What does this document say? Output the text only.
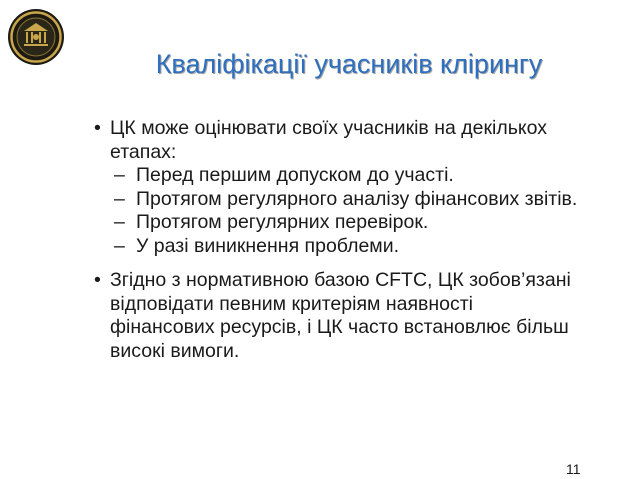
Кваліфікації учасників клірингу
• ЦК може оцінювати своїх учасників на декількох
етапах:
– Перед першим допуском до участі.
– Протягом регулярного аналізу фінансових звітів.
– Протягом регулярних перевірок.
– У разі виникнення проблеми.
• Згідно з нормативною базою CFTC, ЦК зобов’язані
відповідати певним критеріям наявності
фінансових ресурсів, і ЦК часто встановлює більш
високі вимоги.
11
